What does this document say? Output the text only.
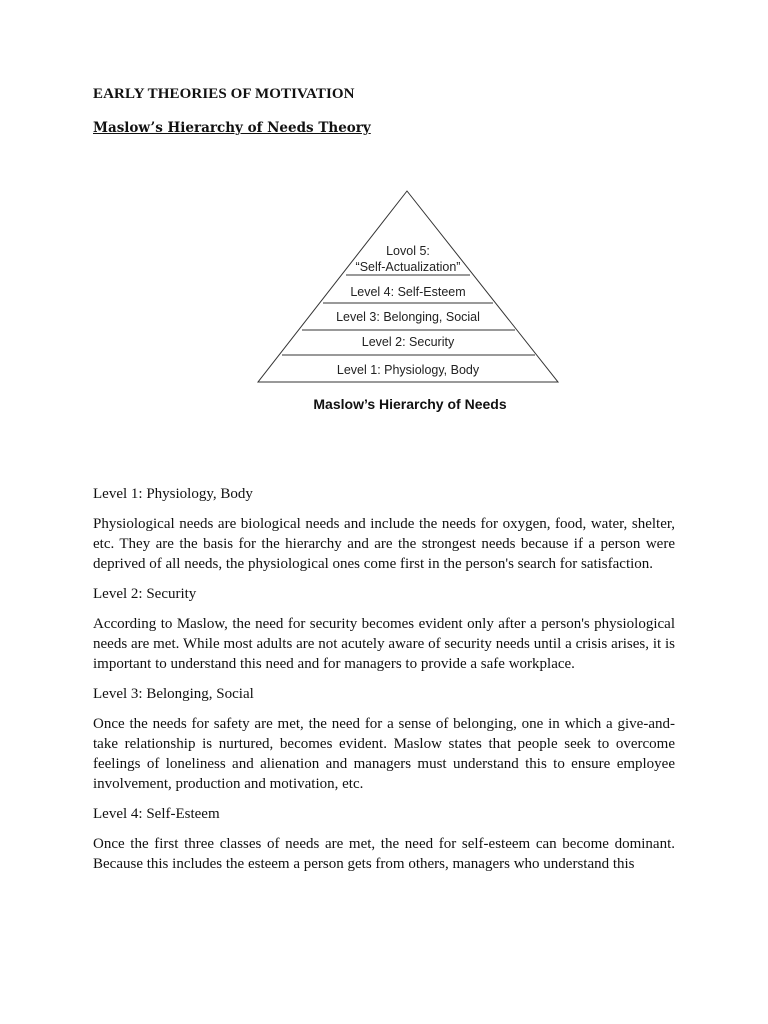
EARLY THEORIES OF MOTIVATION
Maslow’s Hierarchy of Needs Theory
Lovol 5:
“Self-Actualization”
Level 4: Self-Esteem
Level 3: Belonging, Social
Level 2: Security
Level 1: Physiology, Body
Maslow’s Hierarchy of Needs

Level 1: Physiology, Body

Physiological needs are biological needs and include the needs for oxygen, food, water, shelter, etc. They are the basis for the hierarchy and are the strongest needs because if a person were deprived of all needs, the physiological ones come first in the person's search for satisfaction.

Level 2: Security

According to Maslow, the need for security becomes evident only after a person's physiological needs are met. While most adults are not acutely aware of security needs until a crisis arises, it is important to understand this need and for managers to provide a safe workplace.

Level 3: Belonging, Social

Once the needs for safety are met, the need for a sense of belonging, one in which a give-and-take relationship is nurtured, becomes evident. Maslow states that people seek to overcome feelings of loneliness and alienation and managers must understand this to ensure employee involvement, production and motivation, etc.

Level 4: Self-Esteem

Once the first three classes of needs are met, the need for self-esteem can become dominant. Because this includes the esteem a person gets from others, managers who understand this
